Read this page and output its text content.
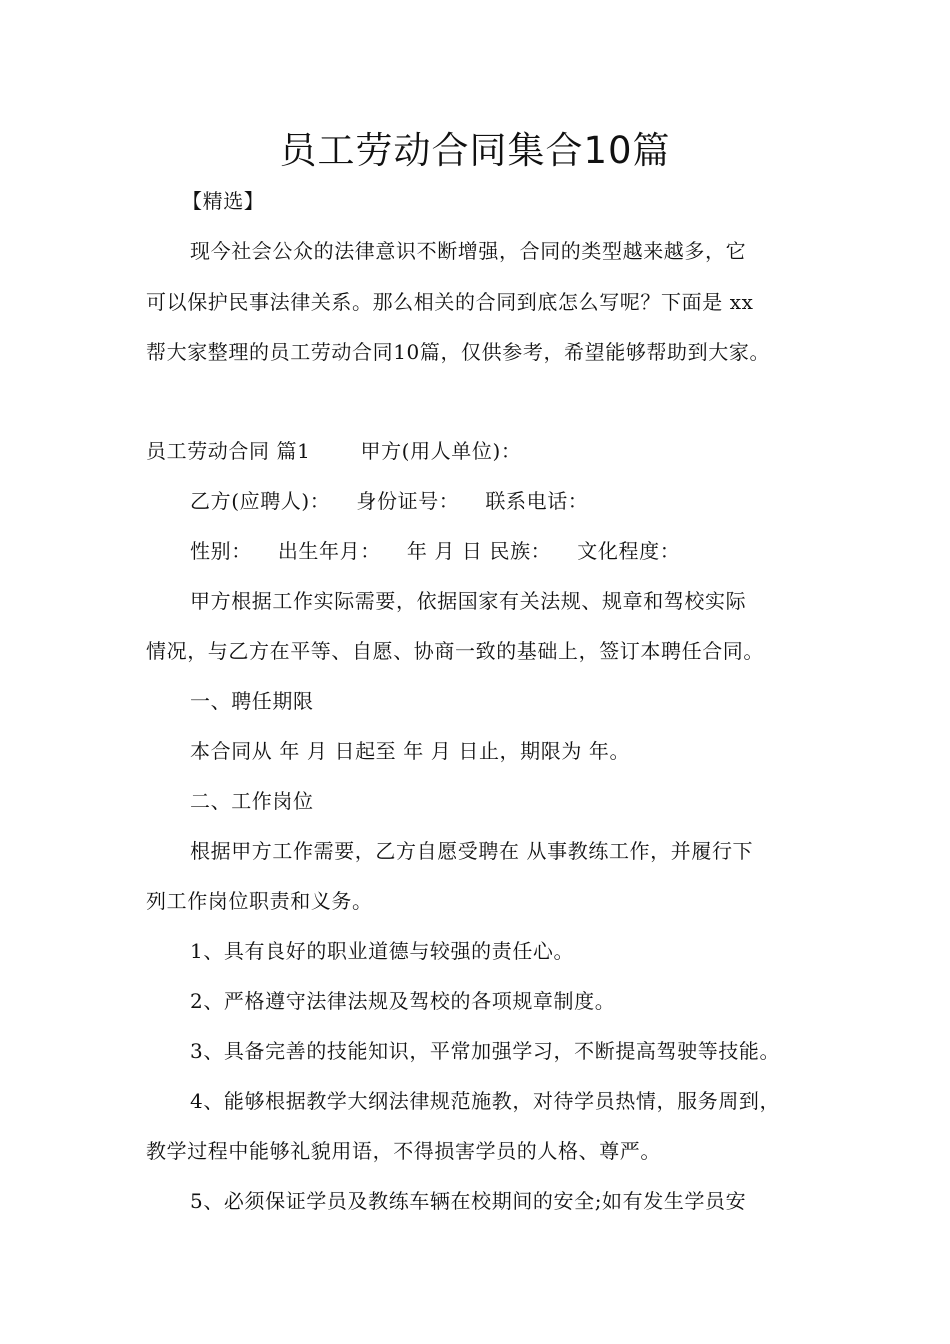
员工劳动合同集合10篇
【精选】
现今社会公众的法律意识不断增强，合同的类型越来越多，它
可以保护民事法律关系。那么相关的合同到底怎么写呢？下面是 xx
帮大家整理的员工劳动合同10篇，仅供参考，希望能够帮助到大家。
员工劳动合同 篇1	甲方(用人单位)：
乙方(应聘人)： 身份证号： 联系电话：
性别： 出生年月： 年 月 日 民族： 文化程度：
甲方根据工作实际需要，依据国家有关法规、规章和驾校实际
情况，与乙方在平等、自愿、协商一致的基础上，签订本聘任合同。
一、聘任期限
本合同从 年 月 日起至 年 月 日止，期限为 年。
二、工作岗位
根据甲方工作需要，乙方自愿受聘在 从事教练工作，并履行下
列工作岗位职责和义务。
1、具有良好的职业道德与较强的责任心。
2、严格遵守法律法规及驾校的各项规章制度。
3、具备完善的技能知识，平常加强学习，不断提高驾驶等技能。
4、能够根据教学大纲法律规范施教，对待学员热情，服务周到，
教学过程中能够礼貌用语，不得损害学员的人格、尊严。
5、必须保证学员及教练车辆在校期间的安全;如有发生学员安
